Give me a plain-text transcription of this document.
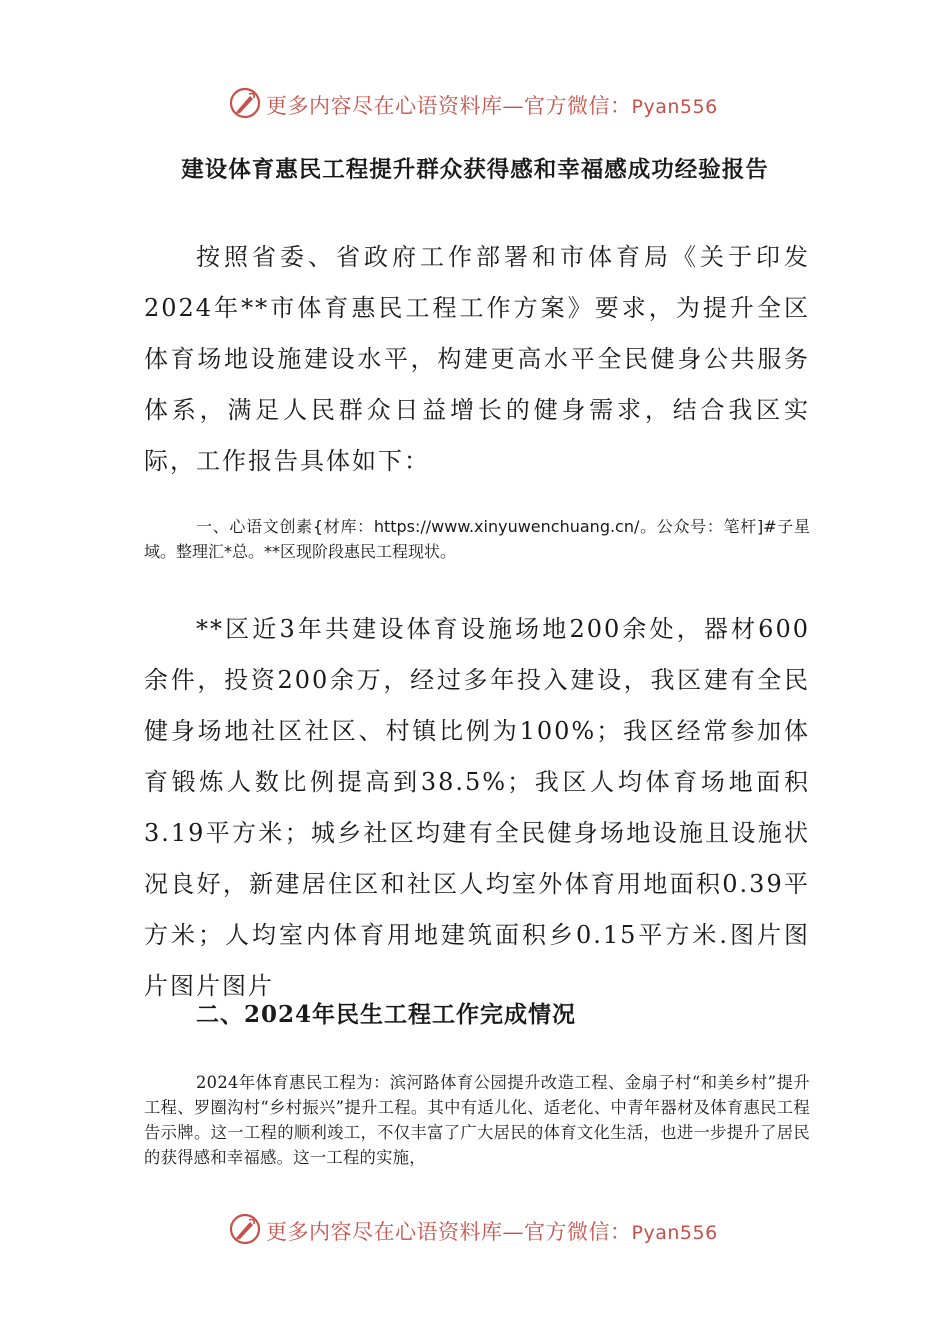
更多内容尽在心语资料库—官方微信：Pyan556
建设体育惠民工程提升群众获得感和幸福感成功经验报告

按照省委、省政府工作部署和市体育局《关于印发2024年**市体育惠民工程工作方案》要求，为提升全区体育场地设施建设水平，构建更高水平全民健身公共服务体系，满足人民群众日益增长的健身需求，结合我区实际，工作报告具体如下：

一、心语文创素{材库：https://www.xinyuwenchuang.cn/。公众号：笔杆]#子星域。整理汇*总。**区现阶段惠民工程现状。

**区近3年共建设体育设施场地200余处，器材600余件，投资200余万，经过多年投入建设，我区建有全民健身场地社区社区、村镇比例为100%；我区经常参加体育锻炼人数比例提高到38.5%；我区人均体育场地面积3.19平方米；城乡社区均建有全民健身场地设施且设施状况良好，新建居住区和社区人均室外体育用地面积0.39平方米；人均室内体育用地建筑面积乡0.15平方米.图片图片图片图片

二、2024年民生工程工作完成情况

2024年体育惠民工程为：滨河路体育公园提升改造工程、金扇子村“和美乡村”提升工程、罗圈沟村“乡村振兴”提升工程。其中有适儿化、适老化、中青年器材及体育惠民工程告示牌。这一工程的顺利竣工，不仅丰富了广大居民的体育文化生活，也进一步提升了居民的获得感和幸福感。这一工程的实施，

更多内容尽在心语资料库—官方微信：Pyan556
